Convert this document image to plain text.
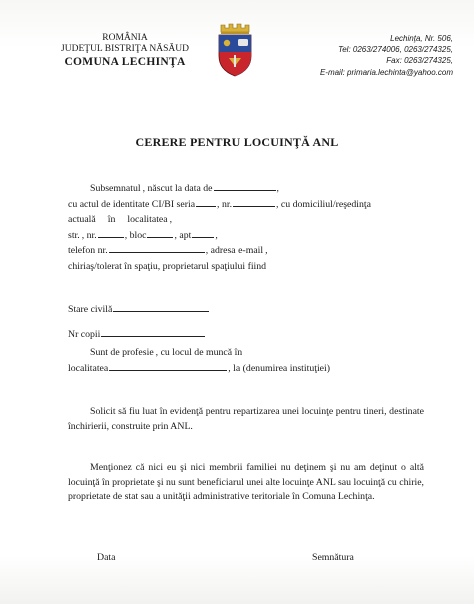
ROMÂNIA
JUDEŢUL BISTRIŢA NĂSĂUD
COMUNA LECHINŢA
Lechinţa, Nr. 506,
Tel: 0263/274006, 0263/274325,
Fax: 0263/274325,
E-mail: primaria.lechinta@yahoo.com
CERERE PENTRU LOCUINŢĂ ANL
Subsemnatul , născut la data de	,
cu actul de identitate CI/BI seria , nr.	, cu domiciliul/reşedinţa
actuală în localitatea ,
str. , nr.	, bloc	, apt ,
telefon nr.	, adresa e-mail ,
chiriaş/tolerat în spaţiu, proprietarul spaţiului fiind
Stare civilă
Nr copii
Sunt de profesie , cu locul de muncă în
localitatea	, la (denumirea instituţiei)
Solicit să fiu luat în evidenţă pentru repartizarea unei locuinţe pentru tineri, destinate închirierii, construite prin ANL.
Menţionez că nici eu şi nici membrii familiei nu deţinem şi nu am deţinut o altă locuinţă în proprietate şi nu sunt beneficiarul unei alte locuinţe ANL sau locuinţă cu chirie, proprietate de stat sau a unităţii administrative teritoriale în Comuna Lechinţa.
Data	Semnătura
